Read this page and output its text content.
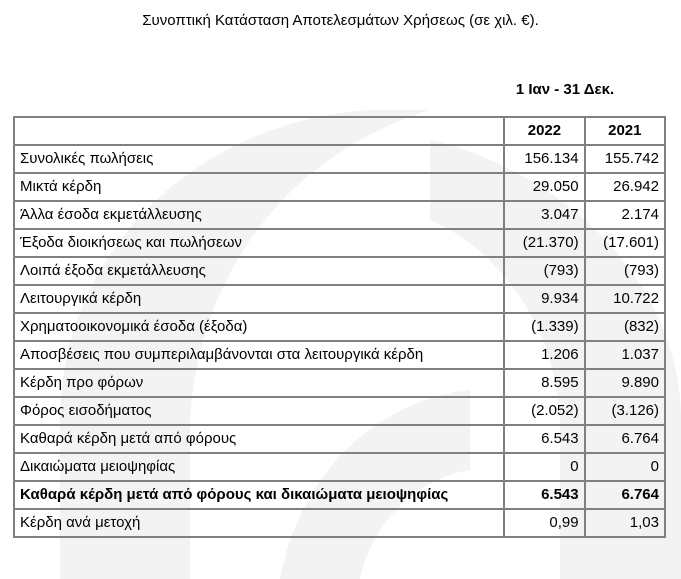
Συνοπτική Κατάσταση Αποτελεσμάτων Χρήσεως (σε χιλ. €).
1 Ιαν - 31 Δεκ.
	2022	2021
Συνολικές πωλήσεις	156.134	155.742
Μικτά κέρδη	29.050	26.942
Άλλα έσοδα εκμετάλλευσης	3.047	2.174
Έξοδα διοικήσεως και πωλήσεων	(21.370)	(17.601)
Λοιπά έξοδα εκμετάλλευσης	(793)	(793)
Λειτουργικά κέρδη	9.934	10.722
Χρηματοοικονομικά έσοδα (έξοδα)	(1.339)	(832)
Αποσβέσεις που συμπεριλαμβάνονται στα λειτουργικά κέρδη	1.206	1.037
Κέρδη προ φόρων	8.595	9.890
Φόρος εισοδήματος	(2.052)	(3.126)
Καθαρά κέρδη μετά από φόρους	6.543	6.764
Δικαιώματα μειοψηφίας	0	0
Καθαρά κέρδη μετά από φόρους και δικαιώματα μειοψηφίας	6.543	6.764
Κέρδη ανά μετοχή	0,99	1,03
